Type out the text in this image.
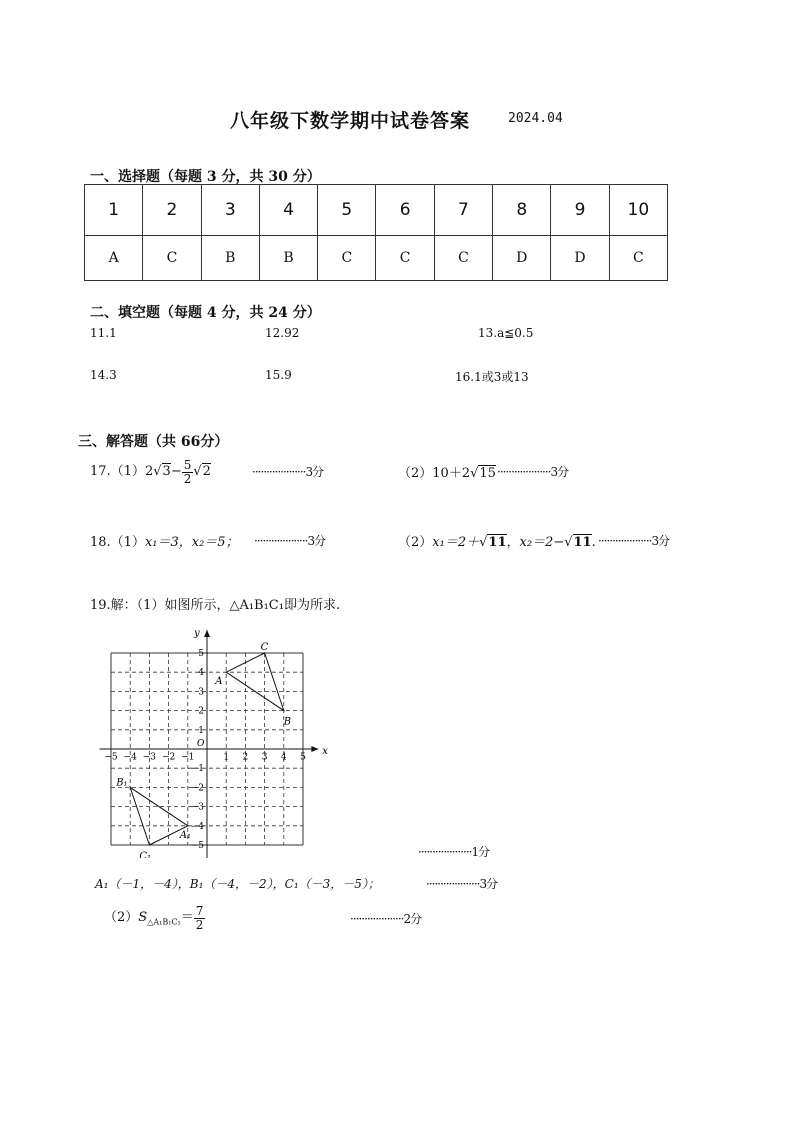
八年级下数学期中试卷答案	2024.04
一、选择题（每题 3 分，共 30 分）
1	2	3	4	5	6	7	8	9	10
A	C	B	B	C	C	C	D	D	C
二、填空题（每题 4 分，共 24 分）
11.1	12.92	13.a≦0.5
14.3	15.9	16.1或3或13
三、解答题（共 66分）
$17.(1)2√3- \frac{5}{2} √2$	···················3分	（2）10＋2√15 ···················3分
18.（1）x₁＝3，x₂＝5； ···················3分	（2）x₁＝2＋√11，x₂＝2−√11. ···················3分
19.解：（1）如图所示，△A₁B₁C₁即为所求.
x
y
O
−5 −4 −3 −2 −1	1 2 3 4 5
5
4
3
2
1
−1
−2
−3
−4
−5
A
B
C
A₁
B₁
C₁	···················1分
A₁（－1，－4），B₁（－4，－2），C₁（－3，－5）；	···················3分
$(2)S_{\triangle A_1B_1C_1}= \frac{7}{2}$	···················2分
